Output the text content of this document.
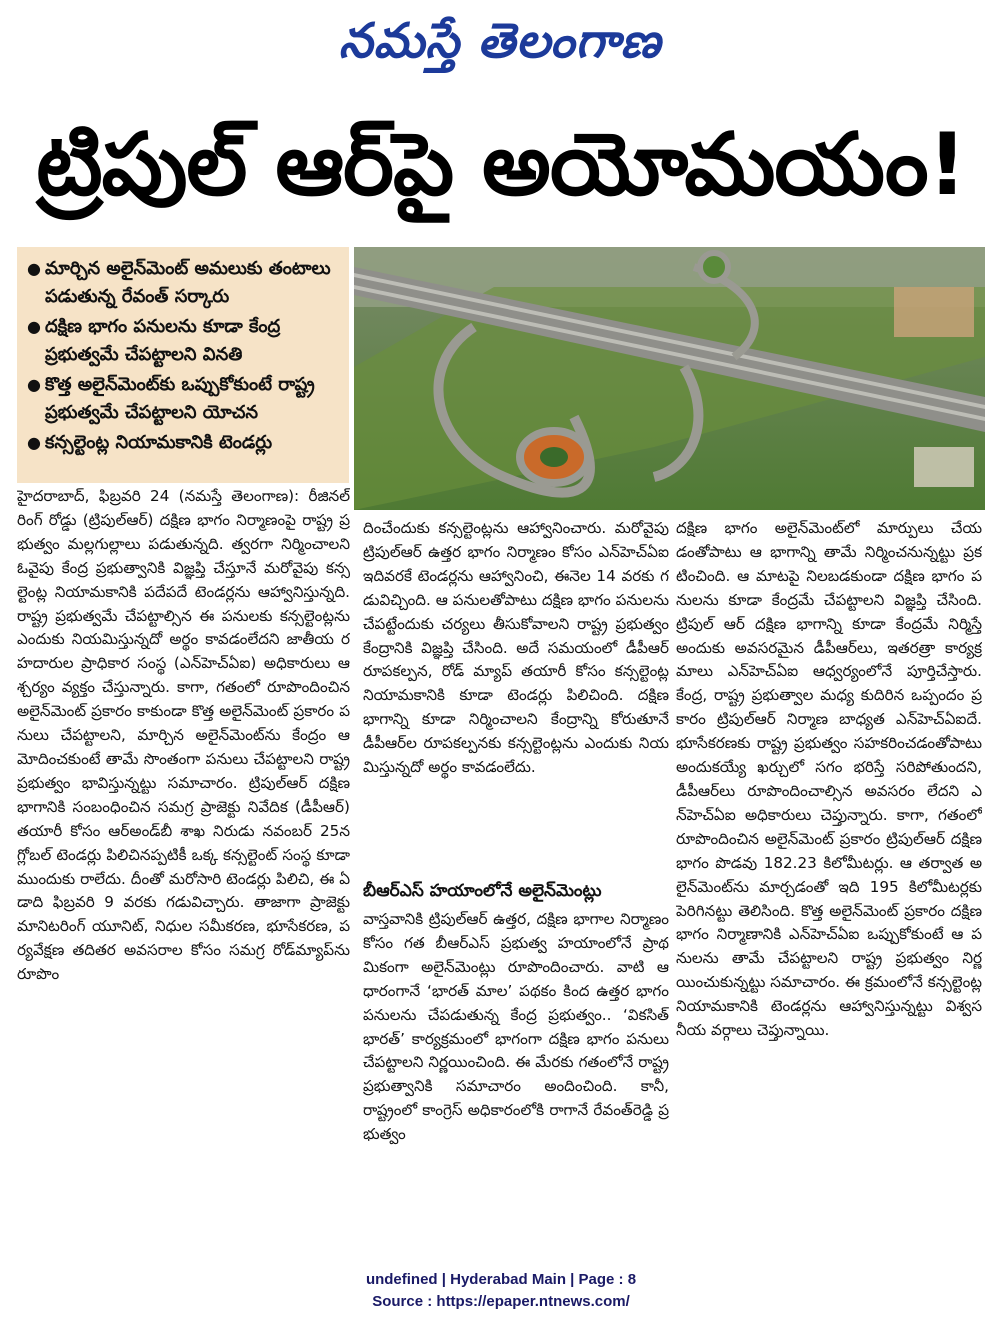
నమస్తే తెలంగాణ
ట్రిపుల్ ఆర్‌పై అయోమయం!
● మార్చిన అలైన్‌మెంట్ అమలుకు తంటాలు పడుతున్న రేవంత్ సర్కారు
● దక్షిణ భాగం పనులను కూడా కేంద్ర ప్రభుత్వమే చేపట్టాలని వినతి
● కొత్త అలైన్‌మెంట్‌కు ఒప్పుకోకుంటే రాష్ట్ర ప్రభుత్వమే చేపట్టాలని యోచన
● కన్సల్టెంట్ల నియామకానికి టెండర్లు
హైదరాబాద్, ఫిబ్రవరి 24 (నమస్తే తెలంగాణ): రీజినల్ రింగ్ రోడ్డు (ట్రిపుల్‌ఆర్) దక్షిణ భాగం నిర్మాణంపై రాష్ట్ర ప్రభుత్వం మల్లగుల్లాలు పడుతున్నది. త్వరగా నిర్మించాలని ఓవైపు కేంద్ర ప్రభుత్వానికి విజ్ఞప్తి చేస్తూనే మరోవైపు కన్సల్టెంట్ల నియామకానికి పదేపదే టెండర్లను ఆహ్వానిస్తున్నది. రాష్ట్ర ప్రభుత్వమే చేపట్టాల్సిన ఈ పనులకు కన్సల్టెంట్లను ఎందుకు నియమిస్తున్నదో అర్థం కావడంలేదని జాతీయ రహదారుల ప్రాధికార సంస్థ (ఎన్‌హెచ్‌ఏఐ) అధికారులు ఆశ్చర్యం వ్యక్తం చేస్తున్నారు. కాగా, గతంలో రూపొందించిన అలైన్‌మెంట్ ప్రకారం కాకుండా కొత్త అలైన్‌మెంట్ ప్రకారం పనులు చేపట్టాలని, మార్చిన అలైన్‌మెంట్‌ను కేంద్రం ఆమోదించకుంటే తామే సొంతంగా పనులు చేపట్టాలని రాష్ట్ర ప్రభుత్వం భావిస్తున్నట్టు సమాచారం. ట్రిపుల్‌ఆర్ దక్షిణ భాగానికి సంబంధించిన సమగ్ర ప్రాజెక్టు నివేదిక (డీపీఆర్) తయారీ కోసం ఆర్‌అండ్‌బీ శాఖ నిరుడు నవంబర్ 25న గ్లోబల్ టెండర్లు పిలిచినప్పటికీ ఒక్క కన్సల్టెంట్ సంస్థ కూడా ముందుకు రాలేదు. దీంతో మరోసారి టెండర్లు పిలిచి, ఈ ఏడాది ఫిబ్రవరి 9 వరకు గడువిచ్చారు. తాజాగా ప్రాజెక్టు మానిటరింగ్ యూనిట్, నిధుల సమీకరణ, భూసేకరణ, పర్యవేక్షణ తదితర అవసరాల కోసం సమగ్ర రోడ్‌మ్యాప్‌ను రూపొం
దించేందుకు కన్సల్టెంట్లను ఆహ్వానించారు. మరోవైపు ట్రిపుల్‌ఆర్ ఉత్తర భాగం నిర్మాణం కోసం ఎన్‌హెచ్‌ఏఐ ఇదివరకే టెండర్లను ఆహ్వానించి, ఈనెల 14 వరకు గడువిచ్చింది. ఆ పనులతోపాటు దక్షిణ భాగం పనులను చేపట్టేందుకు చర్యలు తీసుకోవాలని రాష్ట్ర ప్రభుత్వం కేంద్రానికి విజ్ఞప్తి చేసింది. అదే సమయంలో డీపీఆర్ రూపకల్పన, రోడ్ మ్యాప్ తయారీ కోసం కన్సల్టెంట్ల నియామకానికి కూడా టెండర్లు పిలిచింది. దక్షిణ భాగాన్ని కూడా నిర్మించాలని కేంద్రాన్ని కోరుతూనే డీపీఆర్‌ల రూపకల్పనకు కన్సల్టెంట్లను ఎందుకు నియమిస్తున్నదో అర్థం కావడంలేదు.
బీఆర్‌ఎస్ హయాంలోనే అలైన్‌మెంట్లు
వాస్తవానికి ట్రిపుల్‌ఆర్ ఉత్తర, దక్షిణ భాగాల నిర్మాణం కోసం గత బీఆర్‌ఎస్ ప్రభుత్వ హయాంలోనే ప్రాథమికంగా అలైన్‌మెంట్లు రూపొందించారు. వాటి ఆధారంగానే ‘భారత్ మాల’ పథకం కింద ఉత్తర భాగం పనులను చేపడుతున్న కేంద్ర ప్రభుత్వం.. ‘వికసిత్ భారత్’ కార్యక్రమంలో భాగంగా దక్షిణ భాగం పనులు చేపట్టాలని నిర్ణయించింది. ఈ మేరకు గతంలోనే రాష్ట్ర ప్రభుత్వానికి సమాచారం అందించింది. కానీ, రాష్ట్రంలో కాంగ్రెస్ అధికారంలోకి రాగానే రేవంత్‌రెడ్డి ప్రభుత్వం
దక్షిణ భాగం అలైన్‌మెంట్‌లో మార్పులు చేయడంతోపాటు ఆ భాగాన్ని తామే నిర్మించనున్నట్టు ప్రకటించింది. ఆ మాటపై నిలబడకుండా దక్షిణ భాగం పనులను కూడా కేంద్రమే చేపట్టాలని విజ్ఞప్తి చేసింది. ట్రిపుల్ ఆర్ దక్షిణ భాగాన్ని కూడా కేంద్రమే నిర్మిస్తే అందుకు అవసరమైన డీపీఆర్‌లు, ఇతరత్రా కార్యక్రమాలు ఎన్‌హెచ్‌ఏఐ ఆధ్వర్యంలోనే పూర్తిచేస్తారు. కేంద్ర, రాష్ట్ర ప్రభుత్వాల మధ్య కుదిరిన ఒప్పందం ప్రకారం ట్రిపుల్‌ఆర్ నిర్మాణ బాధ్యత ఎన్‌హెచ్‌ఏఐదే. భూసేకరణకు రాష్ట్ర ప్రభుత్వం సహకరించడంతోపాటు అందుకయ్యే ఖర్చులో సగం భరిస్తే సరిపోతుందని, డీపీఆర్‌లు రూపొందించాల్సిన అవసరం లేదని ఎన్‌హెచ్‌ఏఐ అధికారులు చెప్తున్నారు. కాగా, గతంలో రూపొందించిన అలైన్‌మెంట్ ప్రకారం ట్రిపుల్‌ఆర్ దక్షిణ భాగం పొడవు 182.23 కిలోమీటర్లు. ఆ తర్వాత అలైన్‌మెంట్‌ను మార్చడంతో ఇది 195 కిలోమీటర్లకు పెరిగినట్టు తెలిసింది. కొత్త అలైన్‌మెంట్ ప్రకారం దక్షిణ భాగం నిర్మాణానికి ఎన్‌హెచ్‌ఏఐ ఒప్పుకోకుంటే ఆ పనులను తామే చేపట్టాలని రాష్ట్ర ప్రభుత్వం నిర్ణయించుకున్నట్టు సమాచారం. ఈ క్రమంలోనే కన్సల్టెంట్ల నియామకానికి టెండర్లను ఆహ్వానిస్తున్నట్టు విశ్వసనీయ వర్గాలు చెప్తున్నాయి.
undefined | Hyderabad Main | Page : 8
Source : https://epaper.ntnews.com/
